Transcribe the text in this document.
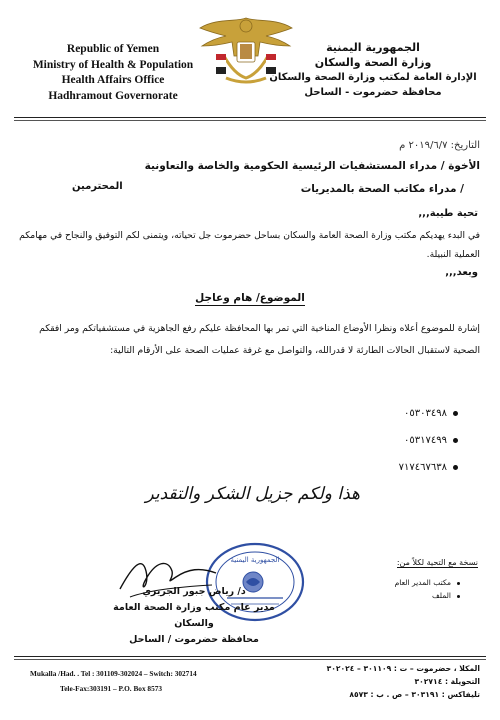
Republic of Yemen
Ministry of Health & Population
Health Affairs Office
Hadhramout Governorate
الجمهورية اليمنية
وزارة الصحة والسكان
الإدارة العامة لمكتب وزارة الصحة والسكان
محافظة حضرموت - الساحل
التاريخ: ٢٠١٩/٦/٧ م
الأخوة / مدراء المستشفيات الرئيسية الحكومية والخاصة والتعاونية
/ مدراء مكاتب الصحة بالمديريات
المحترمين
تحية طيبة,,,
في البدء يهديكم مكتب وزارة الصحة العامة والسكان بساحل حضرموت جل تحياته، ويتمنى لكم التوفيق والنجاح في مهامكم العملية النبيلة.
وبعد,,,
الموضوع/ هام وعاجل
إشارة للموضوع أعلاه ونظرا الأوضاع المناخية التي تمر بها المحافظة عليكم رفع الجاهزية في مستشفياتكم ومر افقكم الصحية لاستقبال الحالات الطارئة لا قدرالله، والتواصل مع غرفة عمليات الصحة على الأرقام التالية:
٠٥٣٠٣٤٩٨
٠٥٣١٧٤٩٩
٧١٧٤٦٧٦٣٨
هذا ولكم جزيل الشكر والتقدير
الجمهورية اليمنية
د/ رياض جبور الجريري
مدير عام مكتب وزارة الصحة العامة والسكان
محافظة حضرموت / الساحل
نسخة مع التحية لكلاً من:
مكتب المدير العام
الملف
Mukalla /Had. . Tel : 301109-302024 – Switch: 302714
Tele-Fax:303191 – P.O. Box 8573
المكلا ، حضرموت – ت : ٣٠١١٠٩ – ٣٠٢٠٢٤
التحويلة : ٣٠٢٧١٤
تليفاكس : ٣٠٣١٩١ – ص . ب : ٨٥٧٣
